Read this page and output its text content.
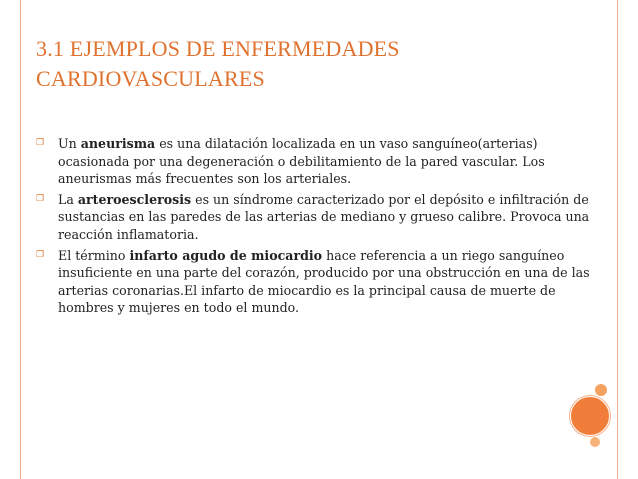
3.1 EJEMPLOS DE ENFERMEDADES
CARDIOVASCULARES
❒ Un aneurisma es una dilatación localizada en un vaso sanguíneo(arterias) ocasionada por una degeneración o debilitamiento de la pared vascular. Los aneurismas más frecuentes son los arteriales.
❒ La arteroesclerosis es un síndrome caracterizado por el depósito e infiltración de sustancias en las paredes de las arterias de mediano y grueso calibre. Provoca una reacción inflamatoria.
❒ El término infarto agudo de miocardio hace referencia a un riego sanguíneo insuficiente en una parte del corazón, producido por una obstrucción en una de las arterias coronarias.El infarto de miocardio es la principal causa de muerte de hombres y mujeres en todo el mundo.
